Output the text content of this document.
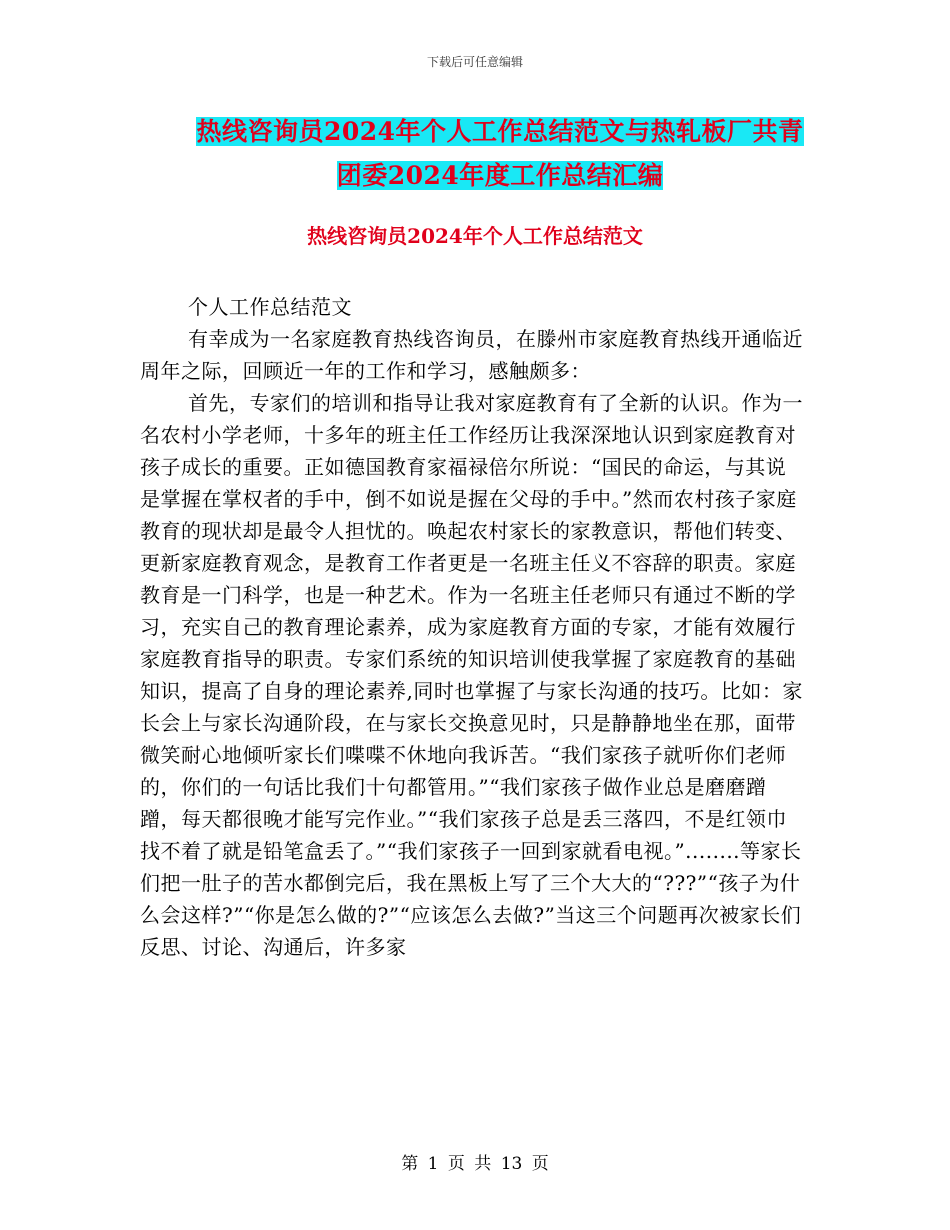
下载后可任意编辑
热线咨询员2024年个人工作总结范文与热轧板厂共青
团委2024年度工作总结汇编
热线咨询员2024年个人工作总结范文

个人工作总结范文

有幸成为一名家庭教育热线咨询员，在滕州市家庭教育热线开通临近周年之际，回顾近一年的工作和学习，感触颇多：

首先，专家们的培训和指导让我对家庭教育有了全新的认识。作为一名农村小学老师，十多年的班主任工作经历让我深深地认识到家庭教育对孩子成长的重要。正如德国教育家福禄倍尔所说：“国民的命运，与其说是掌握在掌权者的手中，倒不如说是握在父母的手中。”然而农村孩子家庭教育的现状却是最令人担忧的。唤起农村家长的家教意识，帮他们转变、更新家庭教育观念，是教育工作者更是一名班主任义不容辞的职责。家庭教育是一门科学，也是一种艺术。作为一名班主任老师只有通过不断的学习，充实自己的教育理论素养，成为家庭教育方面的专家，才能有效履行家庭教育指导的职责。专家们系统的知识培训使我掌握了家庭教育的基础知识，提高了自身的理论素养,同时也掌握了与家长沟通的技巧。比如：家长会上与家长沟通阶段，在与家长交换意见时，只是静静地坐在那，面带微笑耐心地倾听家长们喋喋不休地向我诉苦。“我们家孩子就听你们老师的，你们的一句话比我们十句都管用。”“我们家孩子做作业总是磨磨蹭蹭，每天都很晚才能写完作业。”“我们家孩子总是丢三落四，不是红领巾找不着了就是铅笔盒丢了。”“我们家孩子一回到家就看电视。”........等家长们把一肚子的苦水都倒完后，我在黑板上写了三个大大的“???”“孩子为什么会这样?”“你是怎么做的?”“应该怎么去做?”当这三个问题再次被家长们反思、讨论、沟通后，许多家

第 1 页 共 13 页
